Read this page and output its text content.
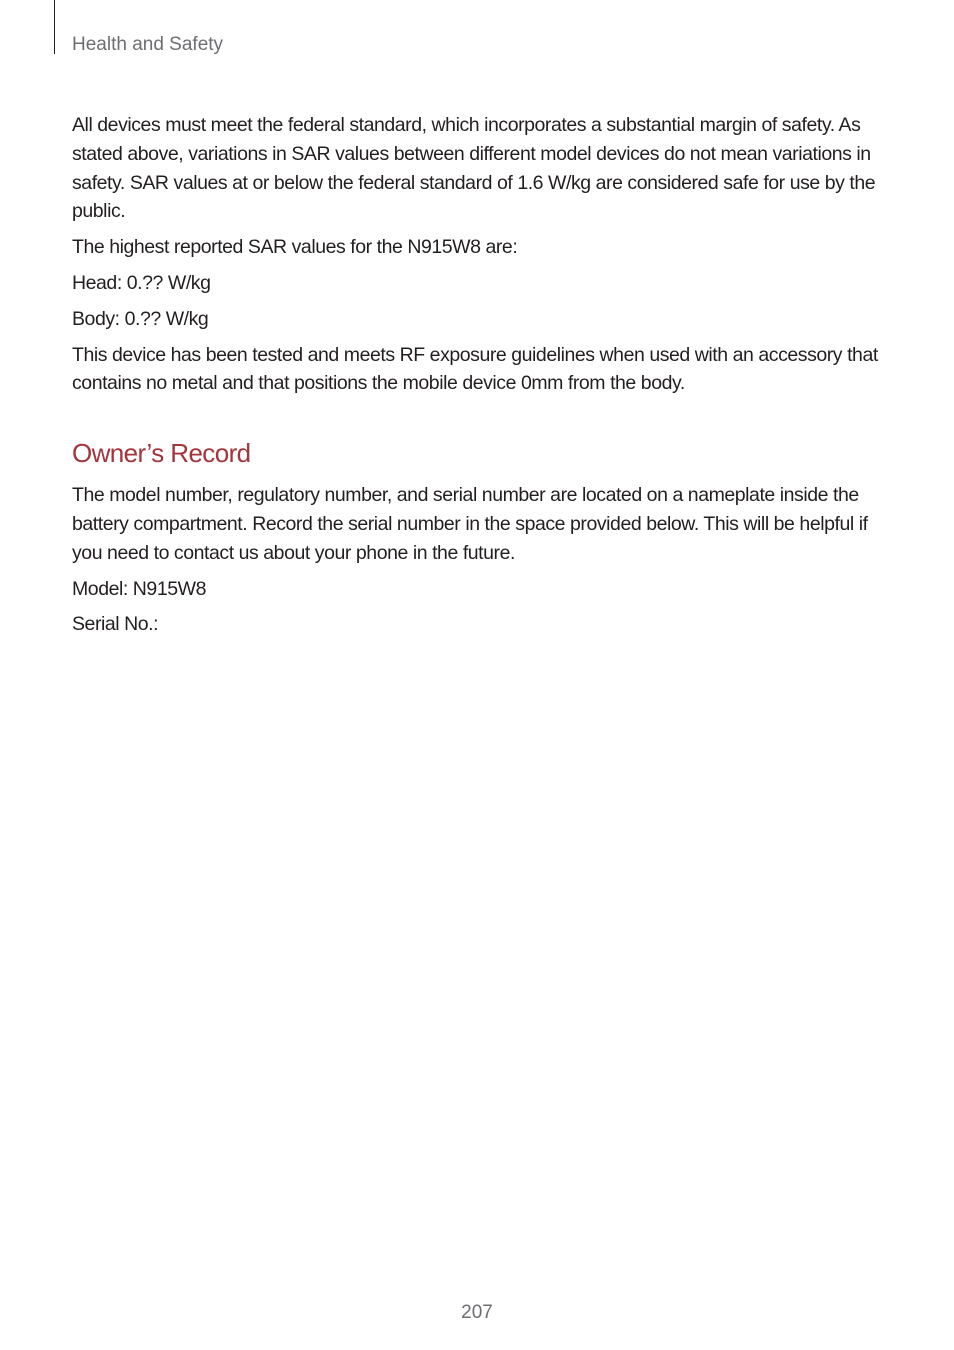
Health and Safety

All devices must meet the federal standard, which incorporates a substantial margin of safety. As stated above, variations in SAR values between different model devices do not mean variations in safety. SAR values at or below the federal standard of 1.6 W/kg are considered safe for use by the public.

The highest reported SAR values for the N915W8 are:

Head: 0.?? W/kg

Body: 0.?? W/kg

This device has been tested and meets RF exposure guidelines when used with an accessory that contains no metal and that positions the mobile device 0mm from the body.

Owner’s Record

The model number, regulatory number, and serial number are located on a nameplate inside the battery compartment. Record the serial number in the space provided below. This will be helpful if you need to contact us about your phone in the future.

Model: N915W8

Serial No.:

207
